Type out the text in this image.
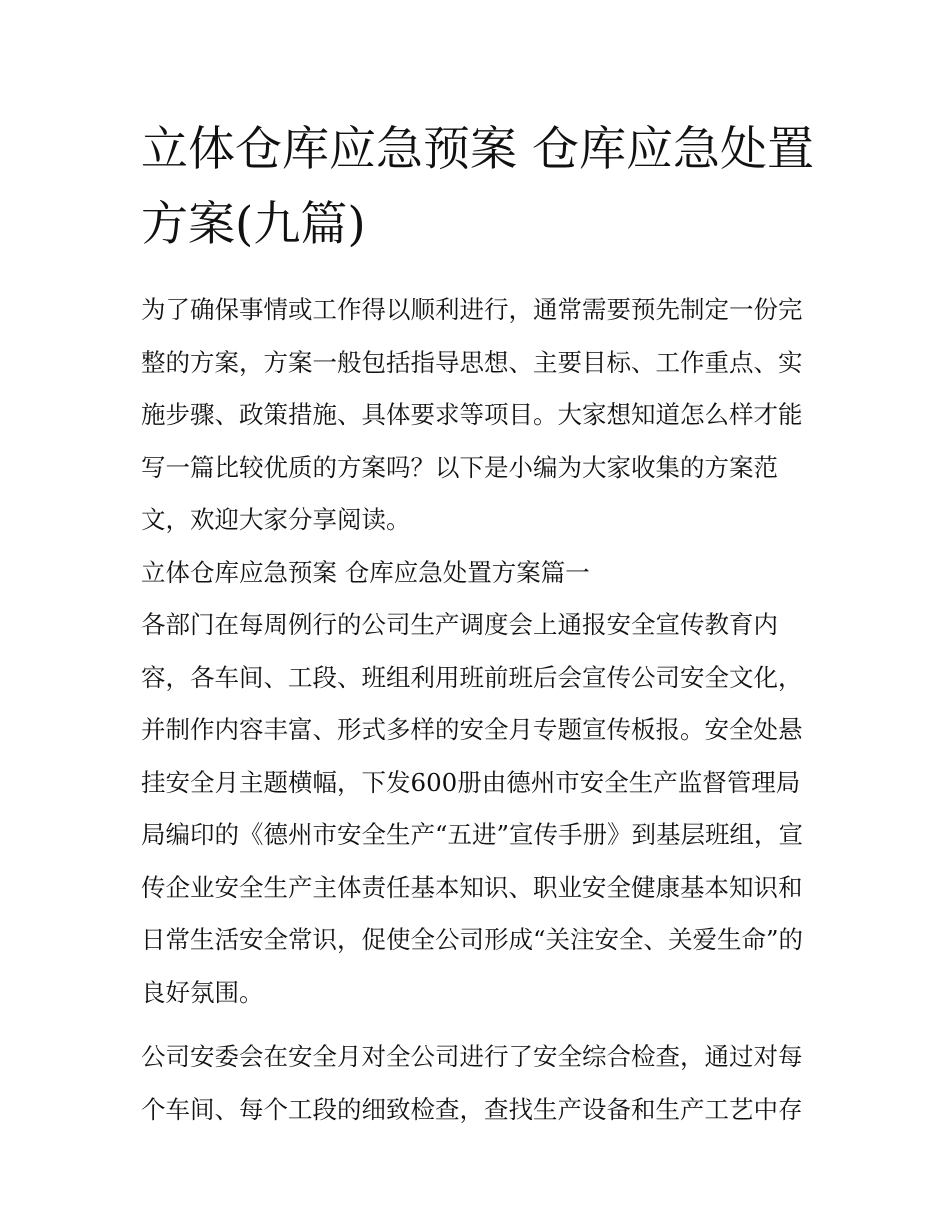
立体仓库应急预案 仓库应急处置方案(九篇)

为了确保事情或工作得以顺利进行，通常需要预先制定一份完整的方案，方案一般包括指导思想、主要目标、工作重点、实施步骤、政策措施、具体要求等项目。大家想知道怎么样才能写一篇比较优质的方案吗？以下是小编为大家收集的方案范文，欢迎大家分享阅读。

立体仓库应急预案 仓库应急处置方案篇一

各部门在每周例行的公司生产调度会上通报安全宣传教育内容，各车间、工段、班组利用班前班后会宣传公司安全文化，并制作内容丰富、形式多样的安全月专题宣传板报。安全处悬挂安全月主题横幅，下发600册由德州市安全生产监督管理局局编印的《德州市安全生产“五进”宣传手册》到基层班组，宣传企业安全生产主体责任基本知识、职业安全健康基本知识和日常生活安全常识，促使全公司形成“关注安全、关爱生命”的良好氛围。

公司安委会在安全月对全公司进行了安全综合检查，通过对每个车间、每个工段的细致检查，查找生产设备和生产工艺中存
